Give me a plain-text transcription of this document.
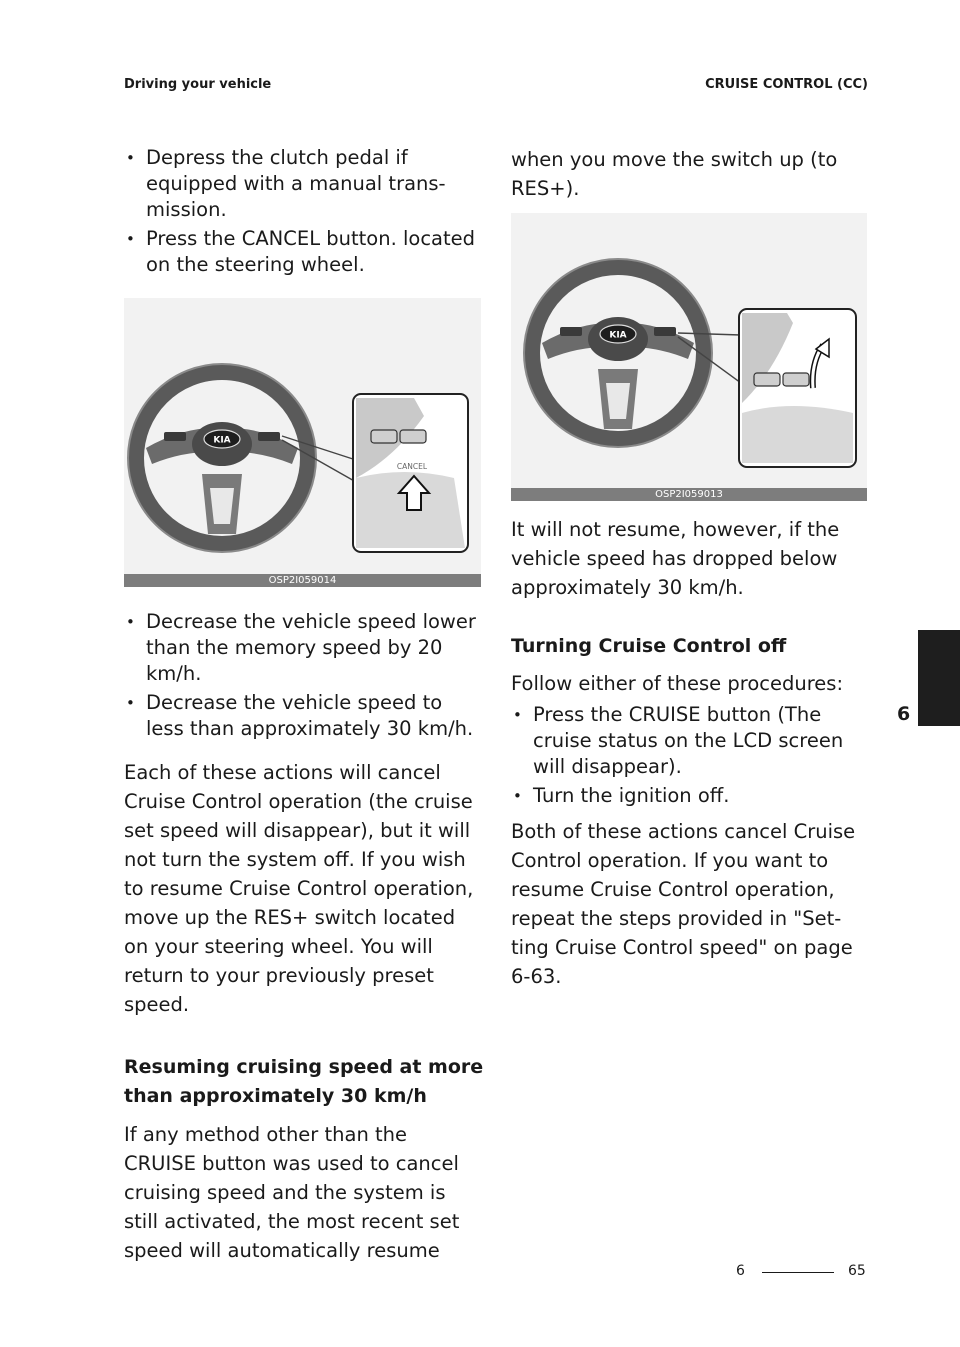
Driving your vehicle	CRUISE CONTROL (CC)
• Depress the clutch pedal if equipped with a manual trans-mission.
• Press the CANCEL button. located on the steering wheel.
KIA
CANCEL
OSP2I059014
• Decrease the vehicle speed lower than the memory speed by 20 km/h.
• Decrease the vehicle speed to less than approximately 30 km/h.

Each of these actions will cancel Cruise Control operation (the cruise set speed will disappear), but it will not turn the system off. If you wish to resume Cruise Control operation, move up the RES+ switch located on your steering wheel. You will return to your previously preset speed.

Resuming cruising speed at more than approximately 30 km/h

If any method other than the CRUISE button was used to cancel cruising speed and the system is still activated, the most recent set speed will automatically resume

when you move the switch up (to RES+).

KIA
OSP2I059013

It will not resume, however, if the vehicle speed has dropped below approximately 30 km/h.

Turning Cruise Control off

Follow either of these procedures:

• Press the CRUISE button (The cruise status on the LCD screen will disappear).
• Turn the ignition off.

Both of these actions cancel Cruise Control operation. If you want to resume Cruise Control operation, repeat the steps provided in "Set-ting Cruise Control speed" on page 6-63.

6
6	65
